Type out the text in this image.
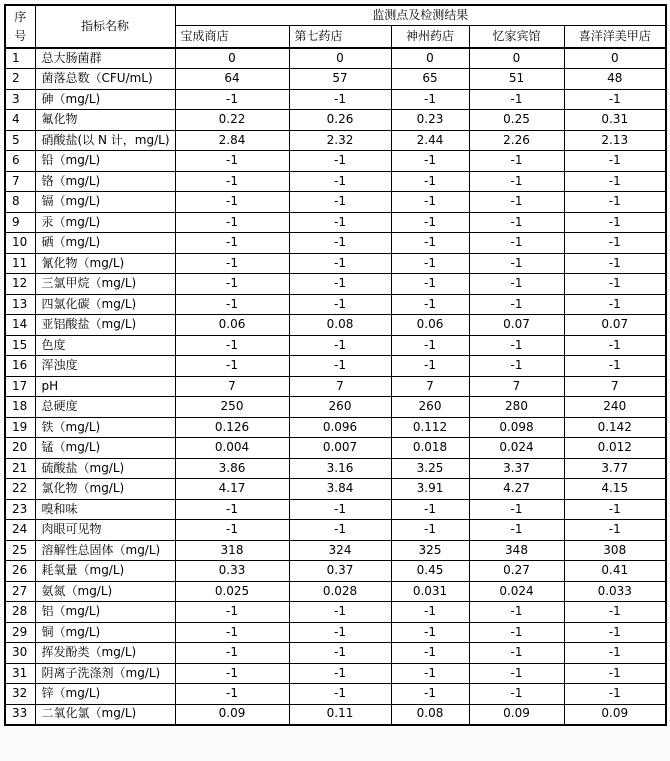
序号	指标名称	监测点及检测结果				
		宝成商店	第七药店	神州药店	忆家宾馆	喜洋洋美甲店
1	总大肠菌群	0	0	0	0	0
2	菌落总数（CFU/mL)	64	57	65	51	48
3	砷（mg/L)	-1	-1	-1	-1	-1
4	氟化物	0.22	0.26	0.23	0.25	0.31
5	硝酸盐(以 N 计，mg/L)	2.84	2.32	2.44	2.26	2.13
6	铅（mg/L)	-1	-1	-1	-1	-1
7	铬（mg/L)	-1	-1	-1	-1	-1
8	镉（mg/L)	-1	-1	-1	-1	-1
9	汞（mg/L)	-1	-1	-1	-1	-1
10	硒（mg/L)	-1	-1	-1	-1	-1
11	氰化物（mg/L)	-1	-1	-1	-1	-1
12	三氯甲烷（mg/L)	-1	-1	-1	-1	-1
13	四氯化碳（mg/L)	-1	-1	-1	-1	-1
14	亚铝酸盐（mg/L)	0.06	0.08	0.06	0.07	0.07
15	色度	-1	-1	-1	-1	-1
16	浑浊度	-1	-1	-1	-1	-1
17	pH	7	7	7	7	7
18	总硬度	250	260	260	280	240
19	铁（mg/L)	0.126	0.096	0.112	0.098	0.142
20	锰（mg/L)	0.004	0.007	0.018	0.024	0.012
21	硫酸盐（mg/L)	3.86	3.16	3.25	3.37	3.77
22	氯化物（mg/L)	4.17	3.84	3.91	4.27	4.15
23	嗅和味	-1	-1	-1	-1	-1
24	肉眼可见物	-1	-1	-1	-1	-1
25	溶解性总固体（mg/L)	318	324	325	348	308
26	耗氧量（mg/L)	0.33	0.37	0.45	0.27	0.41
27	氨氮（mg/L)	0.025	0.028	0.031	0.024	0.033
28	铝（mg/L)	-1	-1	-1	-1	-1
29	铜（mg/L)	-1	-1	-1	-1	-1
30	挥发酚类（mg/L)	-1	-1	-1	-1	-1
31	阴离子洗涤剂（mg/L)	-1	-1	-1	-1	-1
32	锌（mg/L)	-1	-1	-1	-1	-1
33	二氧化氯（mg/L)	0.09	0.11	0.08	0.09	0.09
